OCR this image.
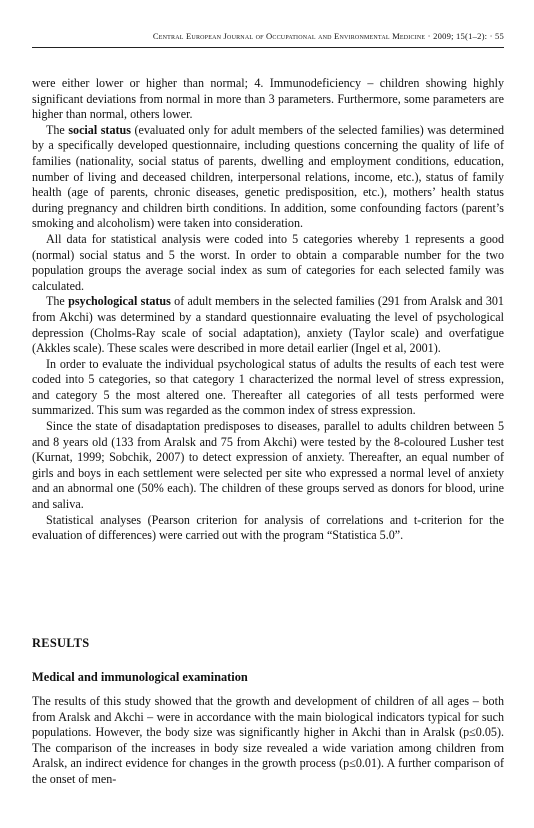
Central European Journal of Occupational and Environmental Medicine · 2009; 15(1–2): · 55

were either lower or higher than normal; 4. Immunodeficiency – children showing highly significant deviations from normal in more than 3 parameters. Furthermore, some parameters are higher than normal, others lower.

The social status (evaluated only for adult members of the selected families) was determined by a specifically developed questionnaire, including questions concerning the quality of life of families (nationality, social status of parents, dwelling and employment conditions, education, number of living and deceased children, interpersonal relations, income, etc.), status of family health (age of parents, chronic diseases, genetic predisposition, etc.), mothers’ health status during pregnancy and children birth conditions. In addition, some confounding factors (parent’s smoking and alcoholism) were taken into consideration.

All data for statistical analysis were coded into 5 categories whereby 1 represents a good (normal) social status and 5 the worst. In order to obtain a comparable number for the two population groups the average social index as sum of categories for each selected family was calculated.

The psychological status of adult members in the selected families (291 from Aralsk and 301 from Akchi) was determined by a standard questionnaire evaluating the level of psychological depression (Cholms-Ray scale of social adaptation), anxiety (Taylor scale) and overfatigue (Akkles scale). These scales were described in more detail earlier (Ingel et al, 2001).

In order to evaluate the individual psychological status of adults the results of each test were coded into 5 categories, so that category 1 characterized the normal level of stress expression, and category 5 the most altered one. Thereafter all categories of all tests performed were summarized. This sum was regarded as the common index of stress expression.

Since the state of disadaptation predisposes to diseases, parallel to adults children between 5 and 8 years old (133 from Aralsk and 75 from Akchi) were tested by the 8-coloured Lusher test (Kurnat, 1999; Sobchik, 2007) to detect expression of anxiety. Thereafter, an equal number of girls and boys in each settlement were selected per site who expressed a normal level of anxiety and an abnormal one (50% each). The children of these groups served as donors for blood, urine and saliva.

Statistical analyses (Pearson criterion for analysis of correlations and t-criterion for the evaluation of differences) were carried out with the program “Statistica 5.0”.

RESULTS
Medical and immunological examination

The results of this study showed that the growth and development of children of all ages – both from Aralsk and Akchi – were in accordance with the main biological indicators typical for such populations. However, the body size was significantly higher in Akchi than in Aralsk (p≤0.05). The comparison of the increases in body size revealed a wide variation among children from Aralsk, an indirect evidence for changes in the growth process (p≤0.01). A further comparison of the onset of men-
